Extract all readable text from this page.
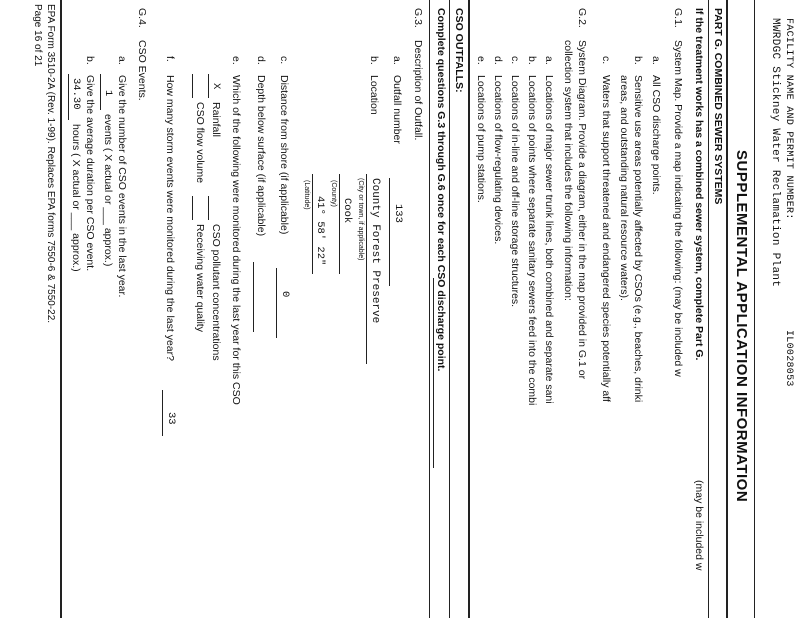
FACILITY NAME AND PERMIT NUMBER:
IL0028053
MWRDGC Stickney Water Reclamation Plant
SUPPLEMENTAL APPLICATION INFORMATION
PART G. COMBINED SEWER SYSTEMS
If the treatment works has a combined sewer system, complete Part G.
(may be included w
G.1.
System Map. Provide a map indicating the following: (may be included w
a.
All CSO discharge points.
b.
Sensitive use areas potentially affected by CSOs (e.g., beaches, drinki
areas, and outstanding natural resource waters).
c.
Waters that support threatened and endangered species potentially aff
G.2.
System Diagram. Provide a diagram, either in the map provided in G.1 or
collection system that includes the following information:
a.
Locations of major sewer trunk lines, both combined and separate sani
b.
Locations of points where separate sanitary sewers feed into the combi
c.
Locations of in-line and off-line storage structures.
d.
Locations of flow-regulating devices.
e.
Locations of pump stations.
CSO OUTFALLS:
Complete questions G.3 through G.6 once for each CSO discharge point.
G.3.
Description of Outfall.
a.
Outfall number
133
b.
Location
County Forest Preserve
(City or town, if applicable)
Cook
(County)
41° 58' 22"
(Latitude)
c.
Distance from shore (if applicable)
0
d.
Depth below surface (if applicable)
e.
Which of the following were monitored during the last year for this CSO
X
Rainfall
CSO pollutant concentrations
CSO flow volume
Receiving water quality
f.
How many storm events were monitored during the last year?
33
G.4.
CSO Events.
a.
Give the number of CSO events in the last year.
1
events ( X actual or ___ approx.)
b.
Give the average duration per CSO event.
34.30
hours ( X actual or ___ approx.)
EPA Form 3510-2A (Rev. 1-99). Replaces EPA forms 7550-6 & 7550-22.
Page 16 of 21
